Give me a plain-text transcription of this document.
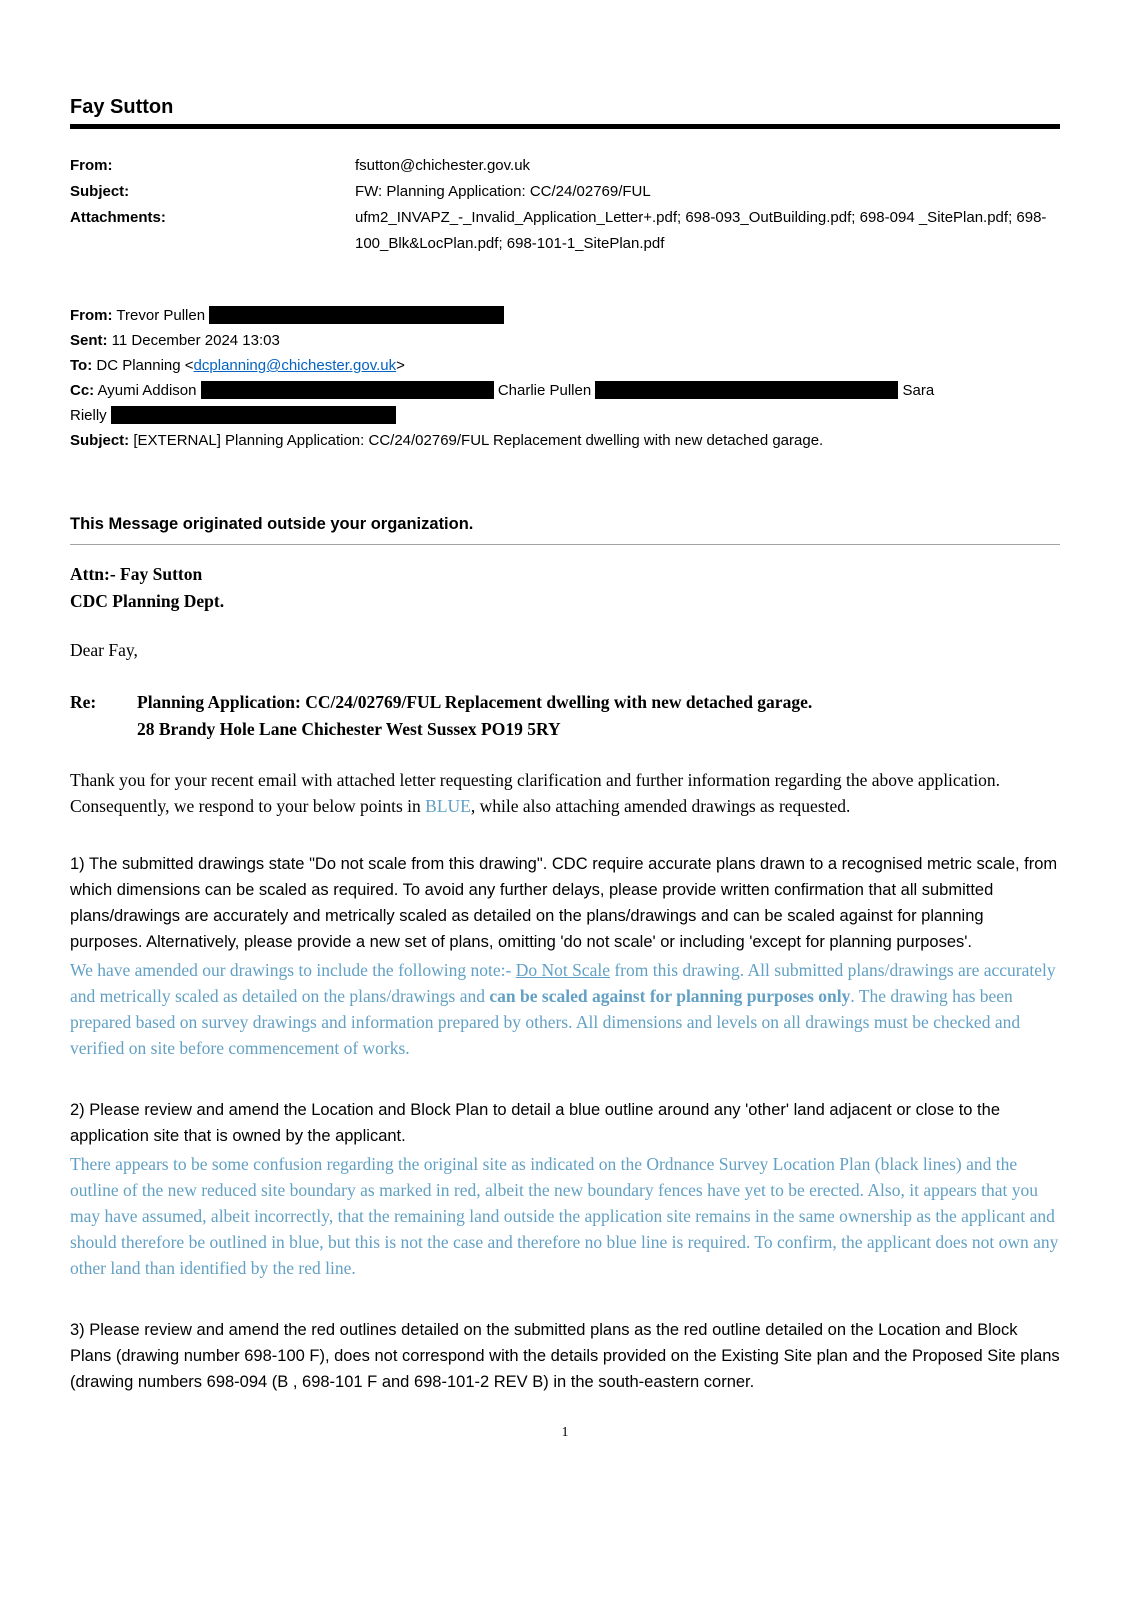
Fay Sutton
From:	fsutton@chichester.gov.uk
Subject:	FW: Planning Application: CC/24/02769/FUL
Attachments:	ufm2_INVAPZ_-_Invalid_Application_Letter+.pdf; 698-093_OutBuilding.pdf; 698-094 _SitePlan.pdf; 698-100_Blk&LocPlan.pdf; 698-101-1_SitePlan.pdf

From: Trevor Pullen

Sent: 11 December 2024 13:03

To: DC Planning <dcplanning@chichester.gov.uk>

Cc: Ayumi Addison	Charlie Pullen	Sara Rielly

Subject: [EXTERNAL] Planning Application: CC/24/02769/FUL Replacement dwelling with new detached garage.

This Message originated outside your organization.
Attn:- Fay Sutton
CDC Planning Dept.

Dear Fay,

Re:	Planning Application: CC/24/02769/FUL Replacement dwelling with new detached garage.
28 Brandy Hole Lane Chichester West Sussex PO19 5RY

Thank you for your recent email with attached letter requesting clarification and further information regarding the above application. Consequently, we respond to your below points in BLUE, while also attaching amended drawings as requested.

1) The submitted drawings state "Do not scale from this drawing". CDC require accurate plans drawn to a recognised metric scale, from which dimensions can be scaled as required. To avoid any further delays, please provide written confirmation that all submitted plans/drawings are accurately and metrically scaled as detailed on the plans/drawings and can be scaled against for planning purposes. Alternatively, please provide a new set of plans, omitting 'do not scale' or including 'except for planning purposes'.

We have amended our drawings to include the following note:- Do Not Scale from this drawing. All submitted plans/drawings are accurately and metrically scaled as detailed on the plans/drawings and can be scaled against for planning purposes only. The drawing has been prepared based on survey drawings and information prepared by others. All dimensions and levels on all drawings must be checked and verified on site before commencement of works.

2) Please review and amend the Location and Block Plan to detail a blue outline around any 'other' land adjacent or close to the application site that is owned by the applicant.

There appears to be some confusion regarding the original site as indicated on the Ordnance Survey Location Plan (black lines) and the outline of the new reduced site boundary as marked in red, albeit the new boundary fences have yet to be erected. Also, it appears that you may have assumed, albeit incorrectly, that the remaining land outside the application site remains in the same ownership as the applicant and should therefore be outlined in blue, but this is not the case and therefore no blue line is required. To confirm, the applicant does not own any other land than identified by the red line.

3) Please review and amend the red outlines detailed on the submitted plans as the red outline detailed on the Location and Block Plans (drawing number 698-100 F), does not correspond with the details provided on the Existing Site plan and the Proposed Site plans (drawing numbers 698-094 (B , 698-101 F and 698-101-2 REV B) in the south-eastern corner.

1
